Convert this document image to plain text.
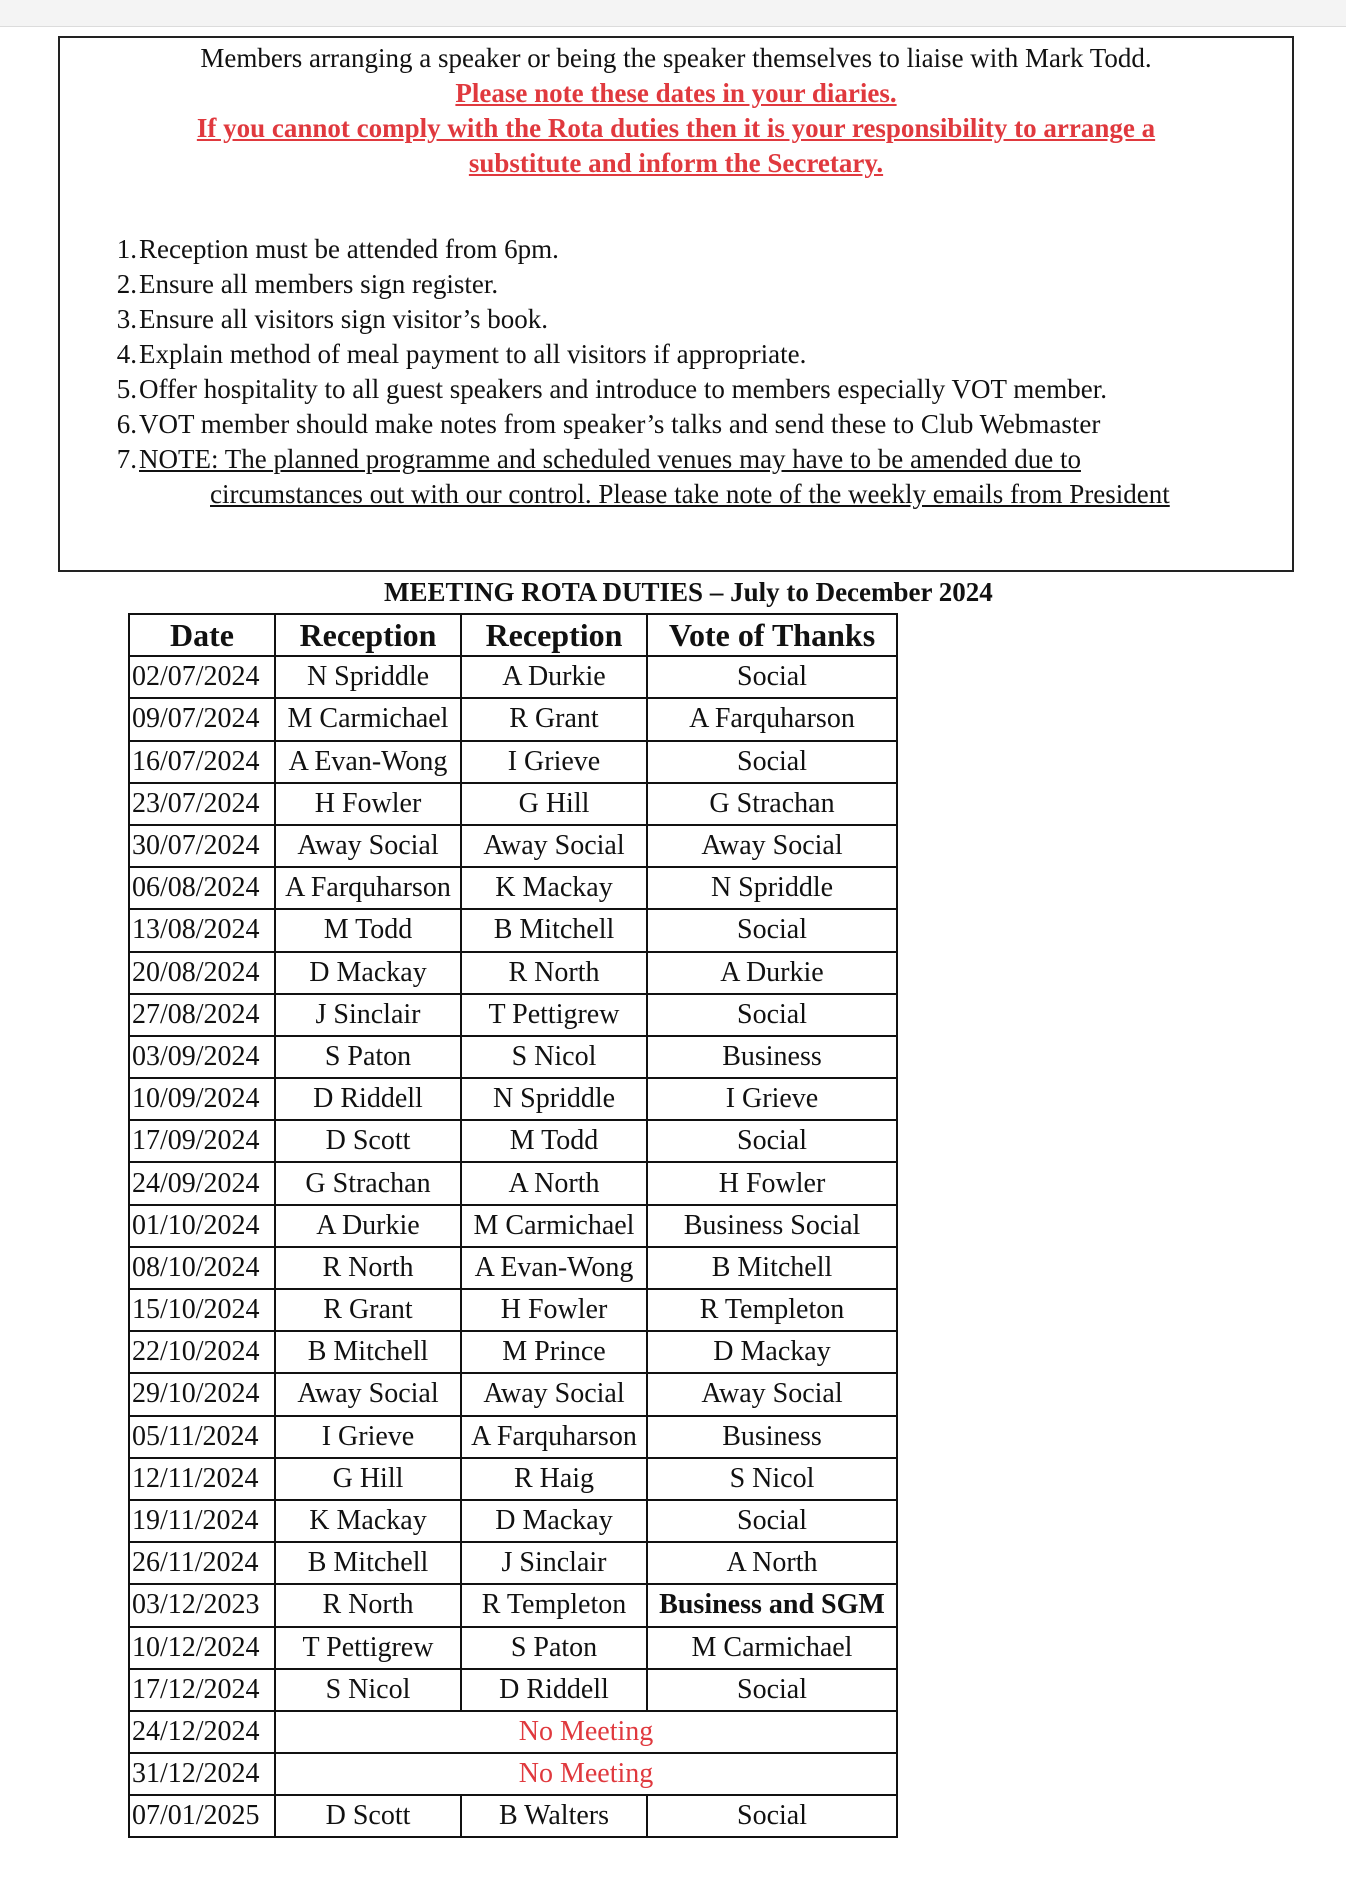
Members arranging a speaker or being the speaker themselves to liaise with Mark Todd.
Please note these dates in your diaries.
If you cannot comply with the Rota duties then it is your responsibility to arrange a
substitute and inform the Secretary.
1.Reception must be attended from 6pm.
2.Ensure all members sign register.
3.Ensure all visitors sign visitor’s book.
4.Explain method of meal payment to all visitors if appropriate.
5.Offer hospitality to all guest speakers and introduce to members especially VOT member.
6.VOT member should make notes from speaker’s talks and send these to Club Webmaster
7.NOTE: The planned programme and scheduled venues may have to be amended due to
circumstances out with our control. Please take note of the weekly emails from President
MEETING ROTA DUTIES – July to December 2024
Date	Reception	Reception	Vote of Thanks
02/07/2024	N Spriddle	A Durkie	Social
09/07/2024	M Carmichael	R Grant	A Farquharson
16/07/2024	A Evan-Wong	I Grieve	Social
23/07/2024	H Fowler	G Hill	G Strachan
30/07/2024	Away Social	Away Social	Away Social
06/08/2024	A Farquharson	K Mackay	N Spriddle
13/08/2024	M Todd	B Mitchell	Social
20/08/2024	D Mackay	R North	A Durkie
27/08/2024	J Sinclair	T Pettigrew	Social
03/09/2024	S Paton	S Nicol	Business
10/09/2024	D Riddell	N Spriddle	I Grieve
17/09/2024	D Scott	M Todd	Social
24/09/2024	G Strachan	A North	H Fowler
01/10/2024	A Durkie	M Carmichael	Business Social
08/10/2024	R North	A Evan-Wong	B Mitchell
15/10/2024	R Grant	H Fowler	R Templeton
22/10/2024	B Mitchell	M Prince	D Mackay
29/10/2024	Away Social	Away Social	Away Social
05/11/2024	I Grieve	A Farquharson	Business
12/11/2024	G Hill	R Haig	S Nicol
19/11/2024	K Mackay	D Mackay	Social
26/11/2024	B Mitchell	J Sinclair	A North
03/12/2023	R North	R Templeton	Business and SGM
10/12/2024	T Pettigrew	S Paton	M Carmichael
17/12/2024	S Nicol	D Riddell	Social
24/12/2024	No Meeting		
31/12/2024	No Meeting		
07/01/2025	D Scott	B Walters	Social
